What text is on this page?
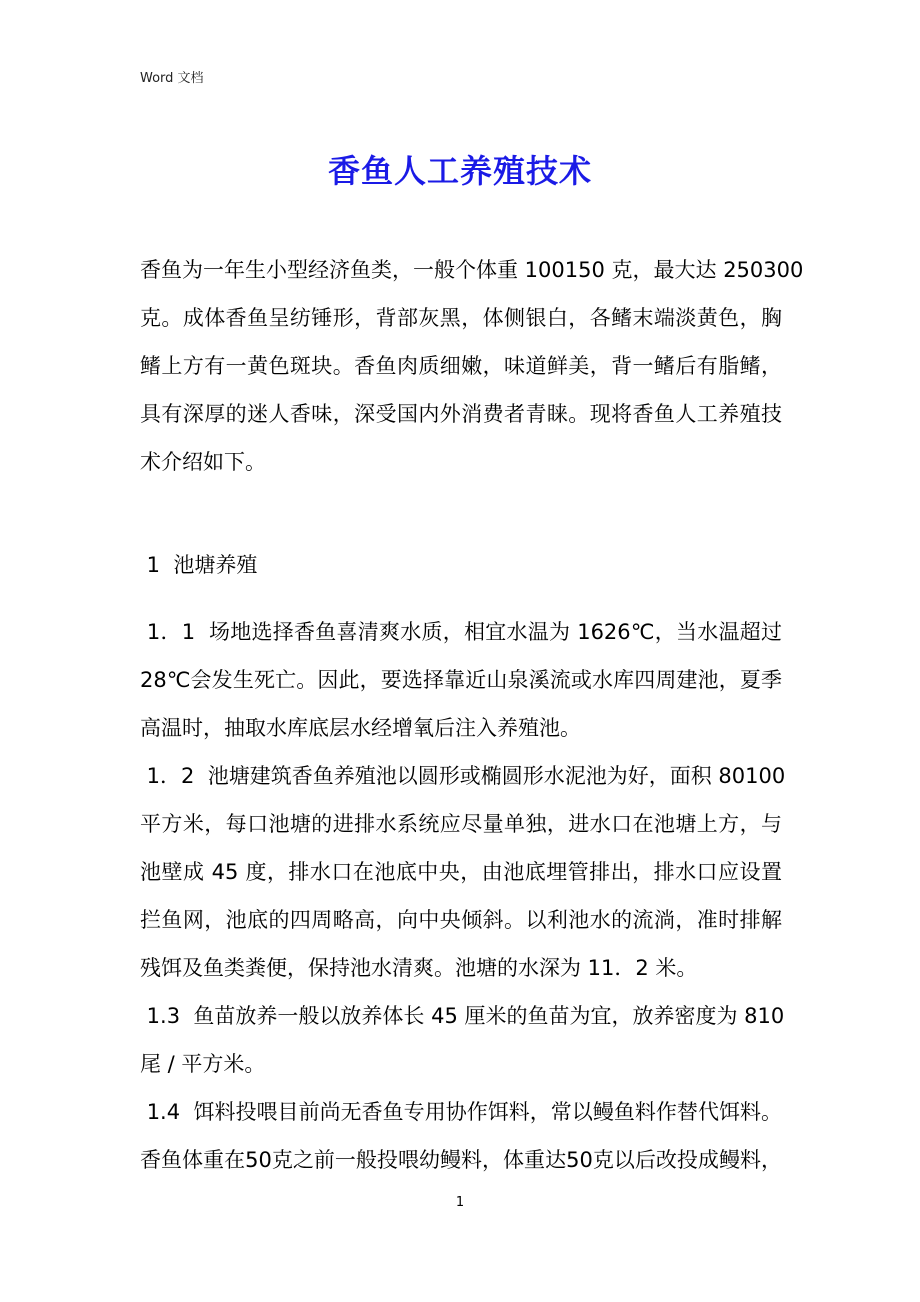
Word 文档
香鱼人工养殖技术
香鱼为一年生小型经济鱼类，一般个体重 100150 克，最大达 250300
克。成体香鱼呈纺锤形，背部灰黑，体侧银白，各鳍末端淡黄色，胸
鳍上方有一黄色斑块。香鱼肉质细嫩，味道鲜美，背一鳍后有脂鳍，
具有深厚的迷人香味，深受国内外消费者青睐。现将香鱼人工养殖技
术介绍如下。
1  池塘养殖
1．1  场地选择香鱼喜清爽水质，相宜水温为 1626℃，当水温超过
28℃会发生死亡。因此，要选择靠近山泉溪流或水库四周建池，夏季
高温时，抽取水库底层水经增氧后注入养殖池。
1．2  池塘建筑香鱼养殖池以圆形或椭圆形水泥池为好，面积 80100
平方米，每口池塘的进排水系统应尽量单独，进水口在池塘上方，与
池壁成 45 度，排水口在池底中央，由池底埋管排出，排水口应设置
拦鱼网，池底的四周略高，向中央倾斜。以利池水的流淌，准时排解
残饵及鱼类粪便，保持池水清爽。池塘的水深为 11．2 米。
1.3  鱼苗放养一般以放养体长 45 厘米的鱼苗为宜，放养密度为 810
尾 / 平方米。
1.4  饵料投喂目前尚无香鱼专用协作饵料，常以鳗鱼料作替代饵料。
香鱼体重在50克之前一般投喂幼鳗料，体重达50克以后改投成鳗料，
1
